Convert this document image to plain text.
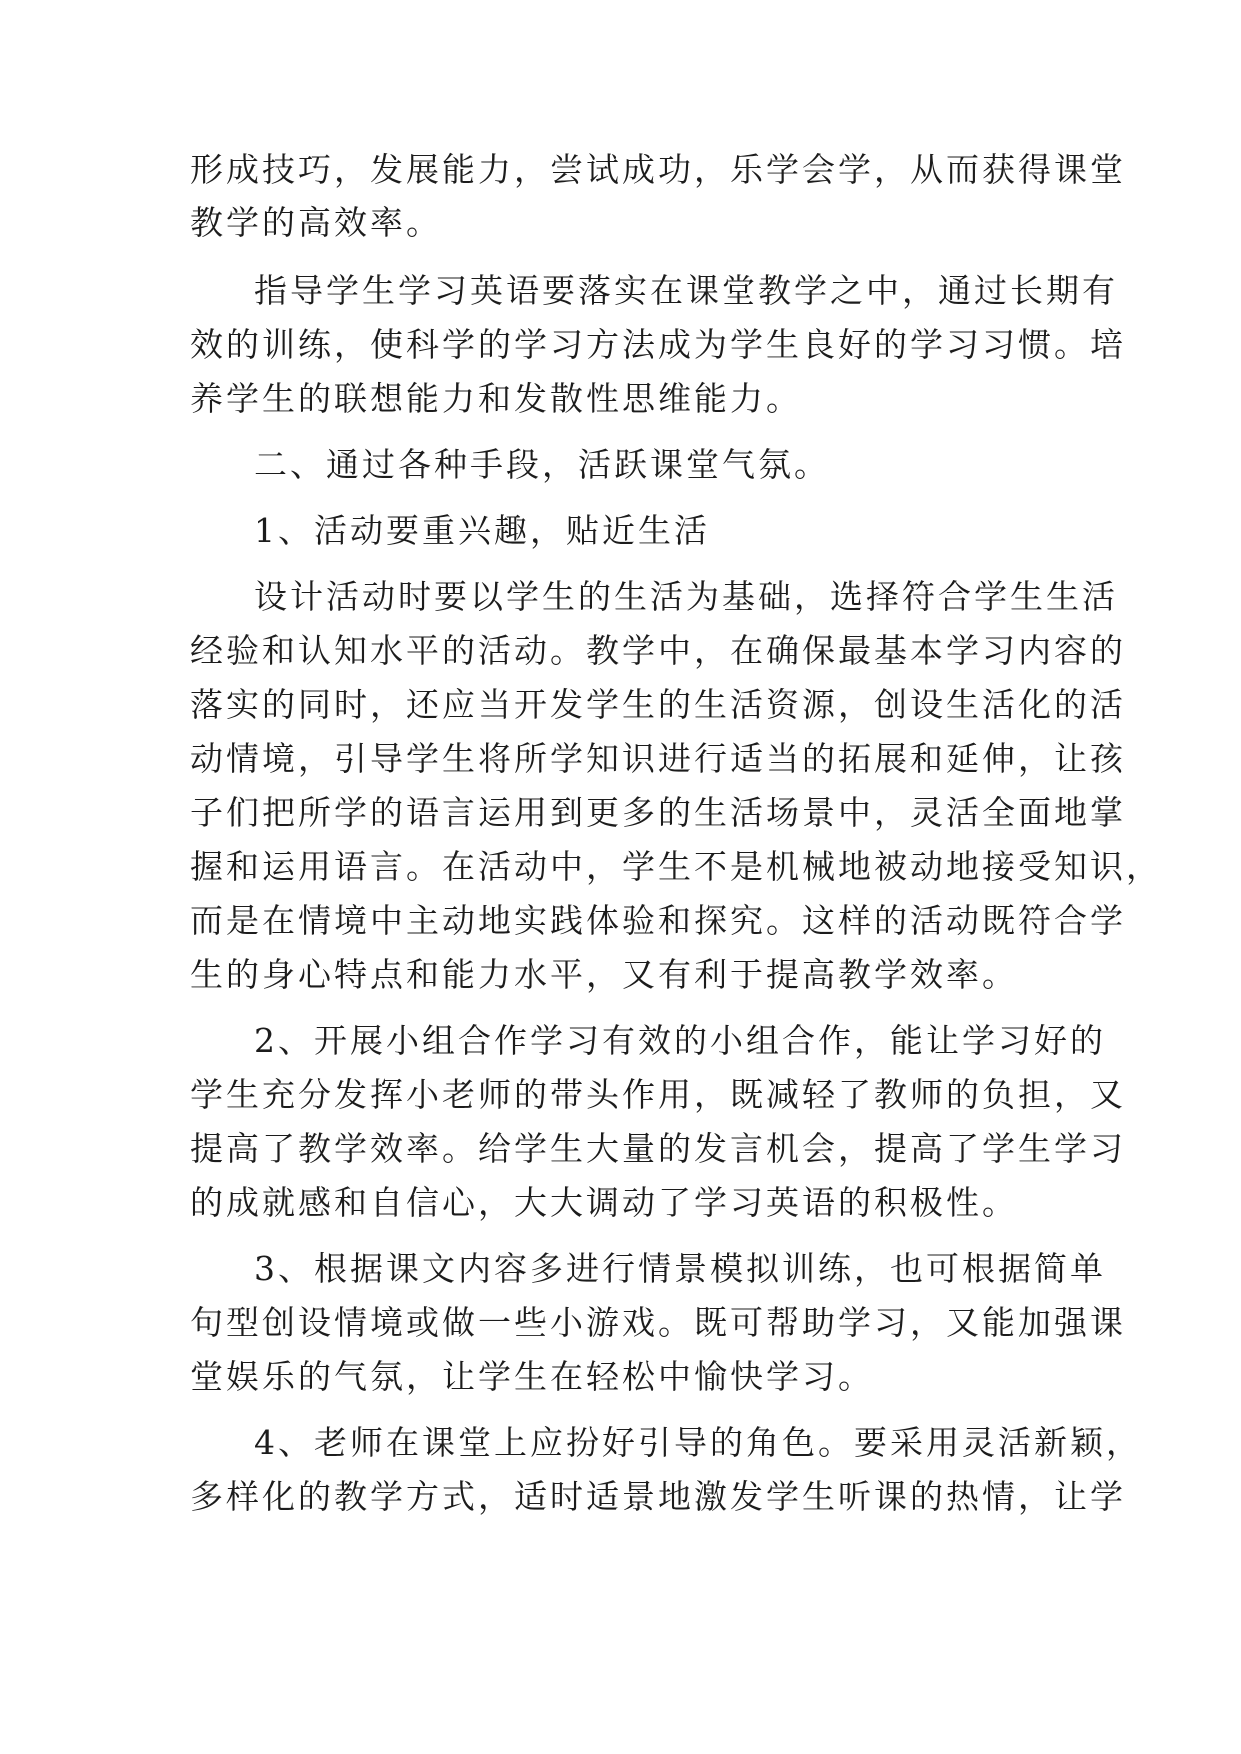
形成技巧，发展能力，尝试成功，乐学会学，从而获得课堂
教学的高效率。
指导学生学习英语要落实在课堂教学之中，通过长期有
效的训练，使科学的学习方法成为学生良好的学习习惯。培
养学生的联想能力和发散性思维能力。
二、通过各种手段，活跃课堂气氛。
1、活动要重兴趣，贴近生活
设计活动时要以学生的生活为基础，选择符合学生生活
经验和认知水平的活动。教学中，在确保最基本学习内容的
落实的同时，还应当开发学生的生活资源，创设生活化的活
动情境，引导学生将所学知识进行适当的拓展和延伸，让孩
子们把所学的语言运用到更多的生活场景中，灵活全面地掌
握和运用语言。在活动中，学生不是机械地被动地接受知识，
而是在情境中主动地实践体验和探究。这样的活动既符合学
生的身心特点和能力水平，又有利于提高教学效率。
2、开展小组合作学习有效的小组合作，能让学习好的
学生充分发挥小老师的带头作用，既减轻了教师的负担，又
提高了教学效率。给学生大量的发言机会，提高了学生学习
的成就感和自信心，大大调动了学习英语的积极性。
3、根据课文内容多进行情景模拟训练，也可根据简单
句型创设情境或做一些小游戏。既可帮助学习，又能加强课
堂娱乐的气氛，让学生在轻松中愉快学习。
4、老师在课堂上应扮好引导的角色。要采用灵活新颖，
多样化的教学方式，适时适景地激发学生听课的热情，让学
